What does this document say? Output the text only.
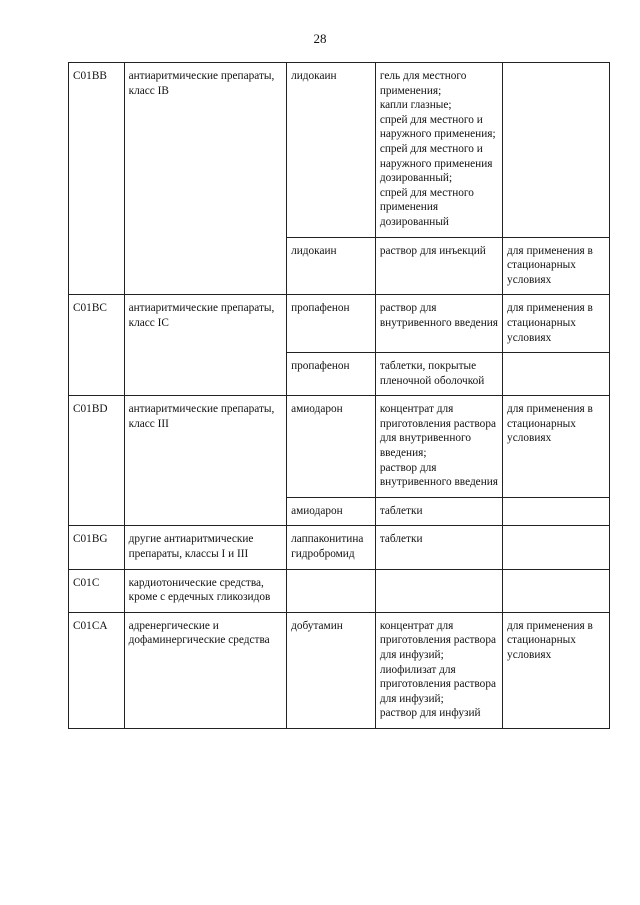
28
C01BB	антиаритмические препараты, класс IB	лидокаин	гель для местного применения;
капли глазные;
спрей для местного и наружного применения;
спрей для местного и наружного применения дозированный;
спрей для местного применения дозированный	

		лидокаин	раствор для инъекций	для применения в стационарных условиях
C01BC	антиаритмические препараты, класс IC	пропафенон	раствор для внутривенного введения	для применения в стационарных условиях
		пропафенон	таблетки, покрытые пленочной оболочкой	

C01BD	антиаритмические препараты, класс III	амиодарон	концентрат для приготовления раствора для внутривенного введения;
раствор для внутривенного введения	для применения в стационарных условиях
		амиодарон	таблетки	

C01BG	другие антиаритмические препараты, классы I и III	лаппаконитина гидробромид	таблетки	

C01C	кардиотонические средства, кроме с ердечных гликозидов			
C01CA	адренергические и дофаминергические средства	добутамин	концентрат для приготовления раствора для инфузий;
лиофилизат для приготовления раствора для инфузий;
раствор для инфузий	для применения в стационарных условиях
